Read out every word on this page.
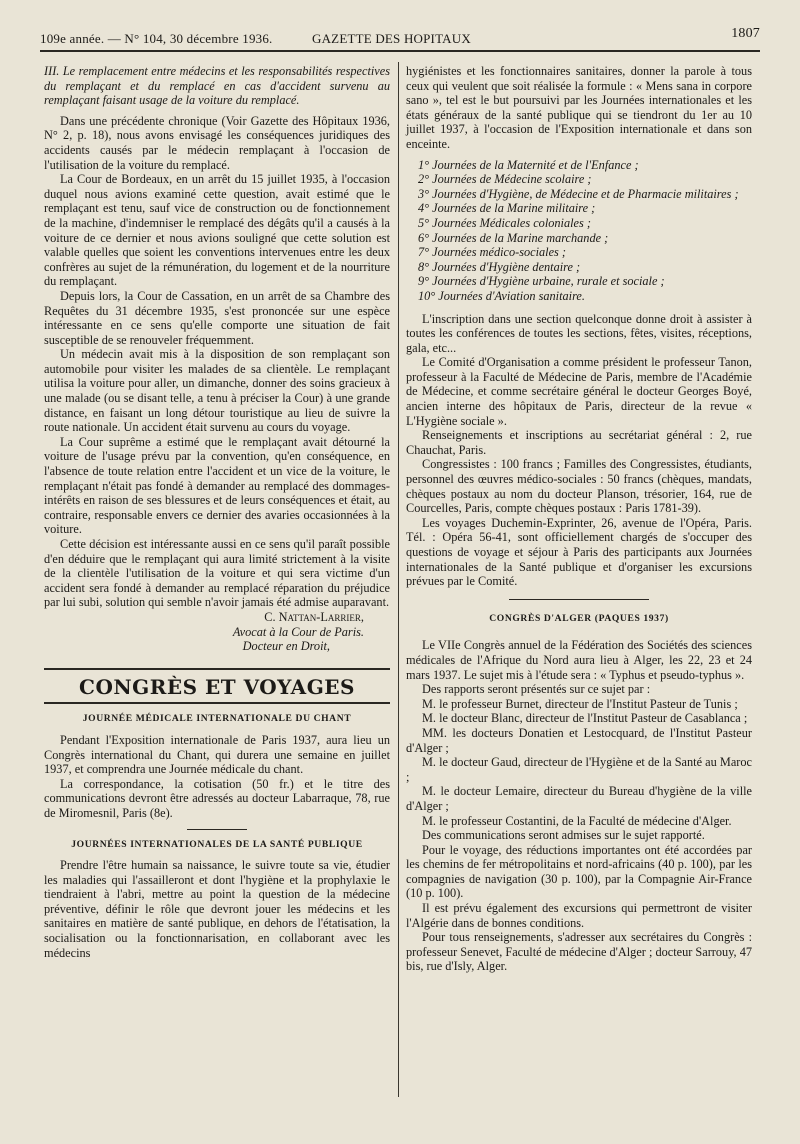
109e année. — N° 104, 30 décembre 1936.	GAZETTE DES HOPITAUX	1807

III. Le remplacement entre médecins et les responsabilités respectives du remplaçant et du remplacé en cas d'accident survenu au remplaçant faisant usage de la voiture du remplacé.

Dans une précédente chronique (Voir Gazette des Hôpitaux 1936, N° 2, p. 18), nous avons envisagé les conséquences juridiques des accidents causés par le médecin remplaçant à l'occasion de l'utilisation de la voiture du remplacé.

La Cour de Bordeaux, en un arrêt du 15 juillet 1935, à l'occasion duquel nous avions examiné cette question, avait estimé que le remplaçant est tenu, sauf vice de construction ou de fonctionnement de la machine, d'indemniser le remplacé des dégâts qu'il a causés à la voiture de ce dernier et nous avions souligné que cette solution est valable quelles que soient les conventions intervenues entre les deux confrères au sujet de la rémunération, du logement et de la nourriture du remplaçant.

Depuis lors, la Cour de Cassation, en un arrêt de sa Chambre des Requêtes du 31 décembre 1935, s'est prononcée sur une espèce intéressante en ce sens qu'elle comporte une situation de fait susceptible de se renouveler fréquemment.

Un médecin avait mis à la disposition de son remplaçant son automobile pour visiter les malades de sa clientèle. Le remplaçant utilisa la voiture pour aller, un dimanche, donner des soins gracieux à une malade (ou se disant telle, a tenu à préciser la Cour) à une grande distance, en faisant un long détour touristique au lieu de suivre la route nationale. Un accident était survenu au cours du voyage.

La Cour suprême a estimé que le remplaçant avait détourné la voiture de l'usage prévu par la convention, qu'en conséquence, en l'absence de toute relation entre l'accident et un vice de la voiture, le remplaçant n'était pas fondé à demander au remplacé des dommages-intérêts en raison de ses blessures et de leurs conséquences et était, au contraire, responsable envers ce dernier des avaries occasionnées à la voiture.

Cette décision est intéressante aussi en ce sens qu'il paraît possible d'en déduire que le remplaçant qui aura limité strictement à la visite de la clientèle l'utilisation de la voiture et qui sera victime d'un accident sera fondé à demander au remplacé réparation du préjudice par lui subi, solution qui semble n'avoir jamais été admise auparavant.

C. Nattan-Larrier,

Avocat à la Cour de Paris.

Docteur en Droit,

CONGRÈS ET VOYAGES

JOURNÉE MÉDICALE INTERNATIONALE DU CHANT

Pendant l'Exposition internationale de Paris 1937, aura lieu un Congrès international du Chant, qui durera une semaine en juillet 1937, et comprendra une Journée médicale du chant.

La correspondance, la cotisation (50 fr.) et le titre des communications devront être adressés au docteur Labarraque, 78, rue de Miromesnil, Paris (8e).

JOURNÉES INTERNATIONALES DE LA SANTÉ PUBLIQUE

Prendre l'être humain sa naissance, le suivre toute sa vie, étudier les maladies qui l'assailleront et dont l'hygiène et la prophylaxie le tiendraient à l'abri, mettre au point la question de la médecine préventive, définir le rôle que devront jouer les médecins et les sanitaires en matière de santé publique, en dehors de l'étatisation, la socialisation ou la fonctionnarisation, en collaborant avec les médecins

hygiénistes et les fonctionnaires sanitaires, donner la parole à tous ceux qui veulent que soit réalisée la formule : « Mens sana in corpore sano », tel est le but poursuivi par les Journées internationales et les états généraux de la santé publique qui se tiendront du 1er au 10 juillet 1937, à l'occasion de l'Exposition internationale et dans son enceinte.

1° Journées de la Maternité et de l'Enfance ;
2° Journées de Médecine scolaire ;
3° Journées d'Hygiène, de Médecine et de Pharmacie militaires ;
4° Journées de la Marine militaire ;
5° Journées Médicales coloniales ;
6° Journées de la Marine marchande ;
7° Journées médico-sociales ;
8° Journées d'Hygiène dentaire ;
9° Journées d'Hygiène urbaine, rurale et sociale ;
10° Journées d'Aviation sanitaire.

L'inscription dans une section quelconque donne droit à assister à toutes les conférences de toutes les sections, fêtes, visites, réceptions, gala, etc...

Le Comité d'Organisation a comme président le professeur Tanon, professeur à la Faculté de Médecine de Paris, membre de l'Académie de Médecine, et comme secrétaire général le docteur Georges Boyé, ancien interne des hôpitaux de Paris, directeur de la revue « L'Hygiène sociale ».

Renseignements et inscriptions au secrétariat général : 2, rue Chauchat, Paris.

Congressistes : 100 francs ; Familles des Congressistes, étudiants, personnel des œuvres médico-sociales : 50 francs (chèques, mandats, chèques postaux au nom du docteur Planson, trésorier, 164, rue de Courcelles, Paris, compte chèques postaux : Paris 1781-39).

Les voyages Duchemin-Exprinter, 26, avenue de l'Opéra, Paris. Tél. : Opéra 56-41, sont officiellement chargés de s'occuper des questions de voyage et séjour à Paris des participants aux Journées internationales de la Santé publique et d'organiser les excursions prévues par le Comité.

CONGRÈS D'ALGER (PAQUES 1937)

Le VIIe Congrès annuel de la Fédération des Sociétés des sciences médicales de l'Afrique du Nord aura lieu à Alger, les 22, 23 et 24 mars 1937. Le sujet mis à l'étude sera : « Typhus et pseudo-typhus ».

Des rapports seront présentés sur ce sujet par :

M. le professeur Burnet, directeur de l'Institut Pasteur de Tunis ;

M. le docteur Blanc, directeur de l'Institut Pasteur de Casablanca ;

MM. les docteurs Donatien et Lestocquard, de l'Institut Pasteur d'Alger ;

M. le docteur Gaud, directeur de l'Hygiène et de la Santé au Maroc ;

M. le docteur Lemaire, directeur du Bureau d'hygiène de la ville d'Alger ;

M. le professeur Costantini, de la Faculté de médecine d'Alger.

Des communications seront admises sur le sujet rapporté.

Pour le voyage, des réductions importantes ont été accordées par les chemins de fer métropolitains et nord-africains (40 p. 100), par les compagnies de navigation (30 p. 100), par la Compagnie Air-France (10 p. 100).

Il est prévu également des excursions qui permettront de visiter l'Algérie dans de bonnes conditions.

Pour tous renseignements, s'adresser aux secrétaires du Congrès : professeur Senevet, Faculté de médecine d'Alger ; docteur Sarrouy, 47 bis, rue d'Isly, Alger.
